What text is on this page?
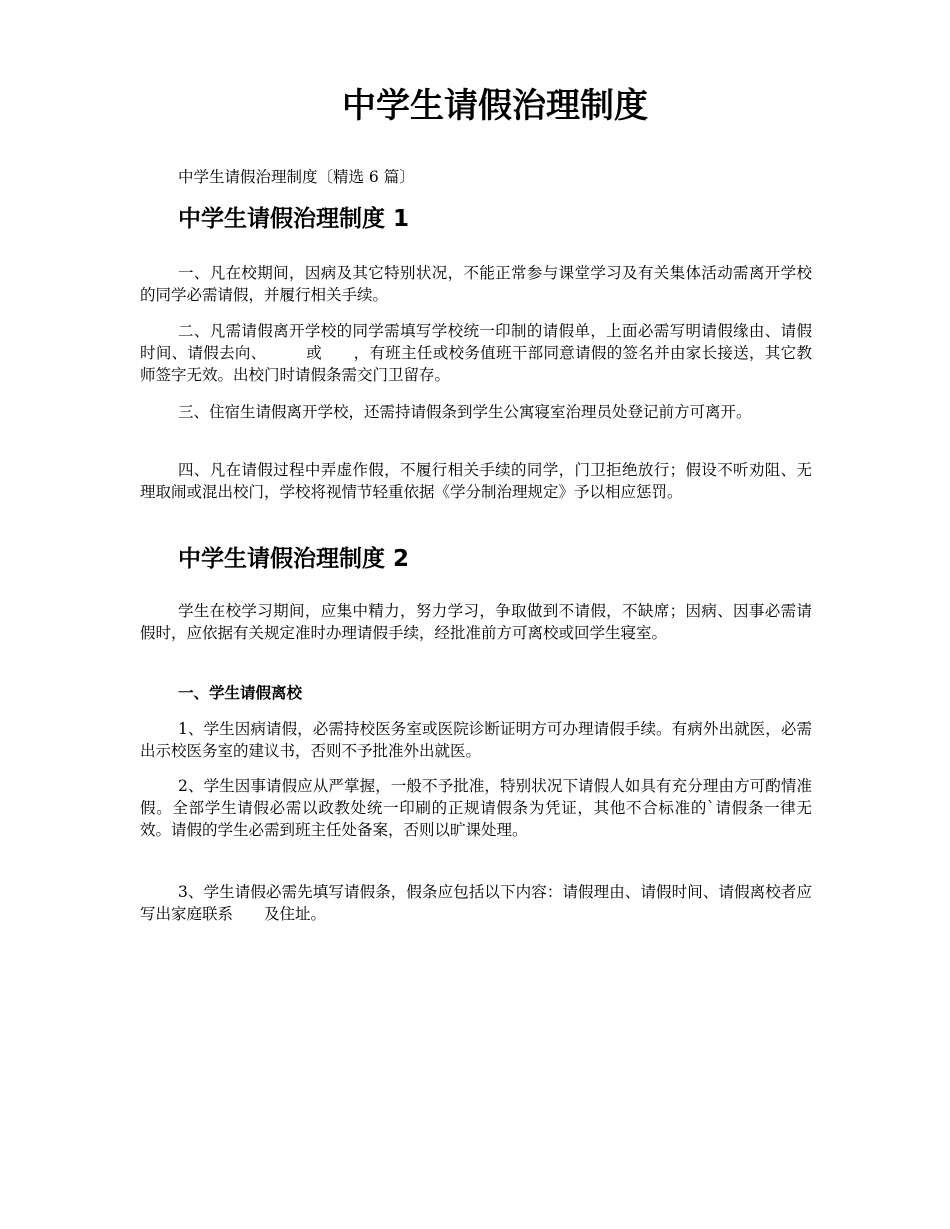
中学生请假治理制度

中学生请假治理制度〔精选 6 篇〕

中学生请假治理制度 1

一、凡在校期间，因病及其它特别状况，不能正常参与课堂学习及有关集体活动需离开学校的同学必需请假，并履行相关手续。

二、凡需请假离开学校的同学需填写学校统一印制的请假单，上面必需写明请假缘由、请假时间、请假去向、　　　或　　，有班主任或校务值班干部同意请假的签名并由家长接送，其它教师签字无效。出校门时请假条需交门卫留存。

三、住宿生请假离开学校，还需持请假条到学生公寓寝室治理员处登记前方可离开。

四、凡在请假过程中弄虚作假，不履行相关手续的同学，门卫拒绝放行；假设不听劝阻、无理取闹或混出校门，学校将视情节轻重依据《学分制治理规定》予以相应惩罚。

中学生请假治理制度 2

学生在校学习期间，应集中精力，努力学习，争取做到不请假，不缺席；因病、因事必需请假时，应依据有关规定准时办理请假手续，经批准前方可离校或回学生寝室。

一、学生请假离校

1、学生因病请假，必需持校医务室或医院诊断证明方可办理请假手续。有病外出就医，必需出示校医务室的建议书，否则不予批准外出就医。

2、学生因事请假应从严掌握，一般不予批准，特别状况下请假人如具有充分理由方可酌情准假。全部学生请假必需以政教处统一印刷的正规请假条为凭证，其他不合标准的`请假条一律无效。请假的学生必需到班主任处备案，否则以旷课处理。

3、学生请假必需先填写请假条，假条应包括以下内容：请假理由、请假时间、请假离校者应写出家庭联系　　及住址。
